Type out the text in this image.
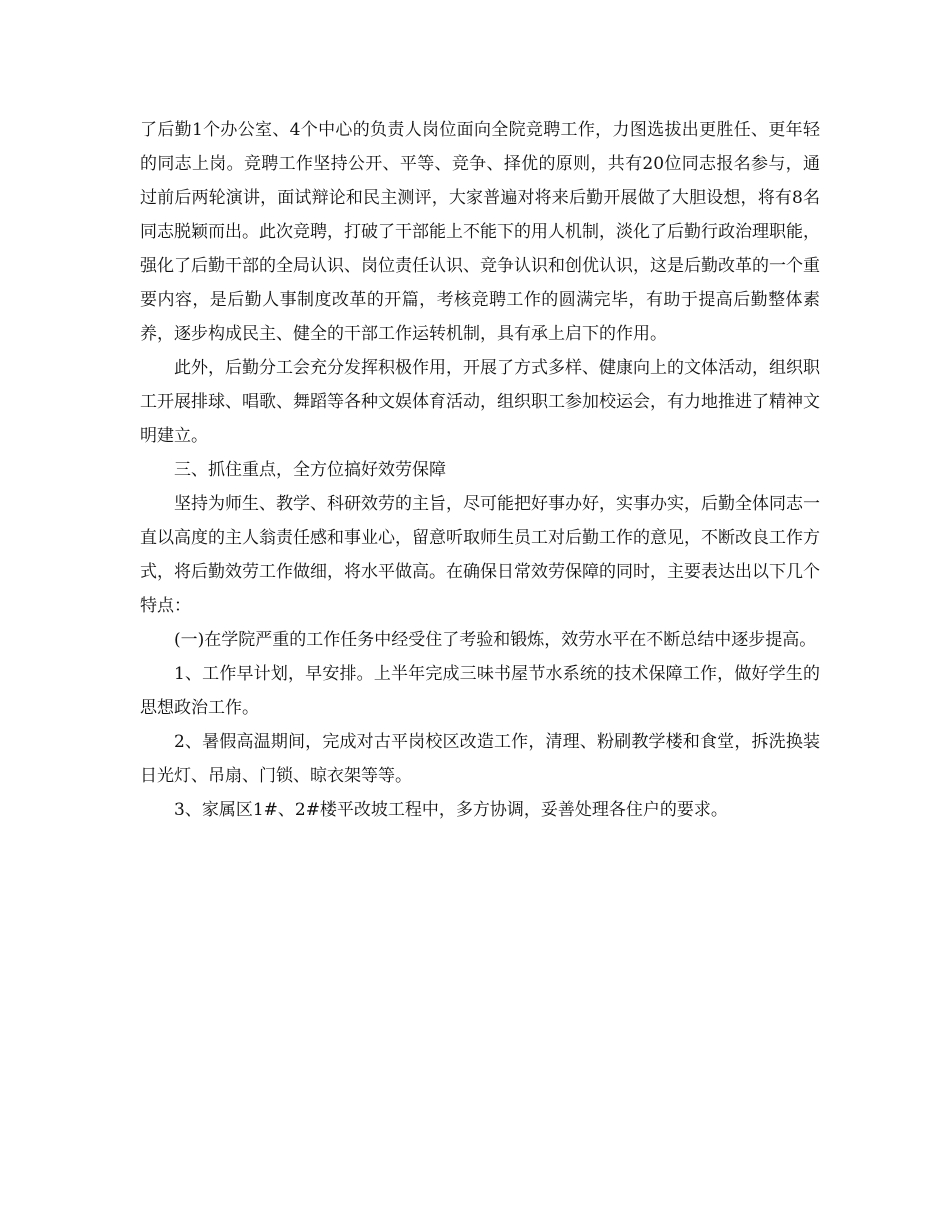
了后勤1个办公室、4个中心的负责人岗位面向全院竞聘工作，力图选拔出更胜任、更年轻的同志上岗。竞聘工作坚持公开、平等、竞争、择优的原则，共有20位同志报名参与，通过前后两轮演讲，面试辩论和民主测评，大家普遍对将来后勤开展做了大胆设想，将有8名同志脱颖而出。此次竞聘，打破了干部能上不能下的用人机制，淡化了后勤行政治理职能，强化了后勤干部的全局认识、岗位责任认识、竞争认识和创优认识，这是后勤改革的一个重要内容，是后勤人事制度改革的开篇，考核竞聘工作的圆满完毕，有助于提高后勤整体素养，逐步构成民主、健全的干部工作运转机制，具有承上启下的作用。

此外，后勤分工会充分发挥积极作用，开展了方式多样、健康向上的文体活动，组织职工开展排球、唱歌、舞蹈等各种文娱体育活动，组织职工参加校运会，有力地推进了精神文明建立。

三、抓住重点，全方位搞好效劳保障

坚持为师生、教学、科研效劳的主旨，尽可能把好事办好，实事办实，后勤全体同志一直以高度的主人翁责任感和事业心，留意听取师生员工对后勤工作的意见，不断改良工作方式，将后勤效劳工作做细，将水平做高。在确保日常效劳保障的同时，主要表达出以下几个特点：

(一)在学院严重的工作任务中经受住了考验和锻炼，效劳水平在不断总结中逐步提高。

1、工作早计划，早安排。上半年完成三味书屋节水系统的技术保障工作，做好学生的思想政治工作。

2、暑假高温期间，完成对古平岗校区改造工作，清理、粉刷教学楼和食堂，拆洗换装日光灯、吊扇、门锁、晾衣架等等。

3、家属区1#、2#楼平改坡工程中，多方协调，妥善处理各住户的要求。
